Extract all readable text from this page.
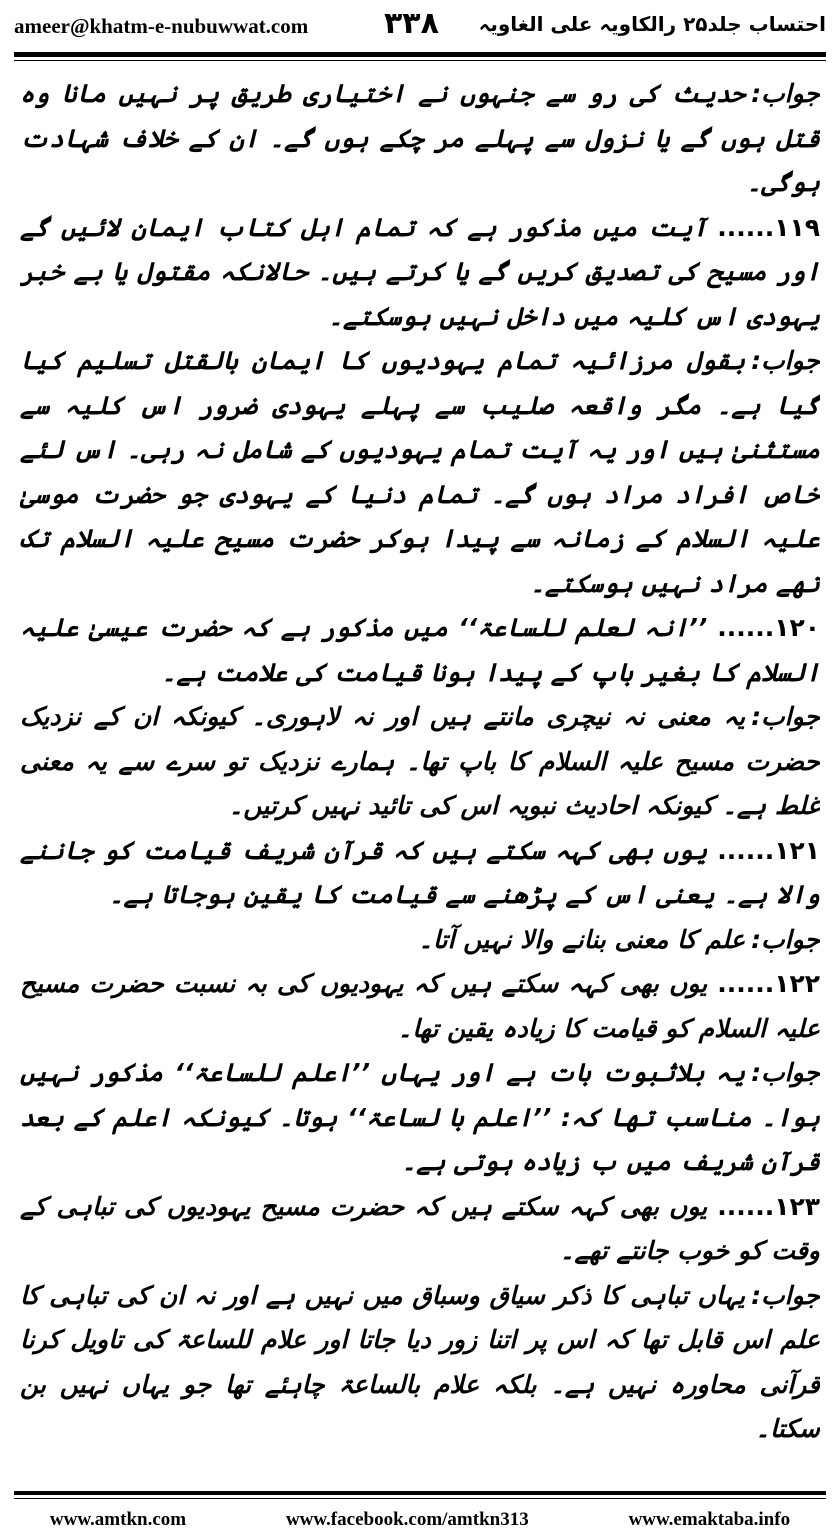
ameer@khatm-e-nubuwwat.com	۳۳۸ احتساب جلد۲۵ رالکاویہ علی الغاویہ

جواب:حدیث کی رو سے جنہوں نے اختیاری طریق پر نہیں مانا وہ قتل ہوں گے یا نزول سے پہلے مر چکے ہوں گے۔ ان کے خلاف شہادت ہوگی۔

۱۱۹......آیت میں مذکور ہے کہ تمام اہل کتاب ایمان لائیں گے اور مسیح کی تصدیق کریں گے یا کرتے ہیں۔ حالانکہ مقتول یا بے خبر یہودی اس کلیہ میں داخل نہیں ہوسکتے۔

جواب:بقول مرزائیہ تمام یہودیوں کا ایمان بالقتل تسلیم کیا گیا ہے۔ مگر واقعہ صلیب سے پہلے یہودی ضرور اس کلیہ سے مستثنیٰ ہیں اور یہ آیت تمام یہودیوں کے شامل نہ رہی۔ اس لئے خاص افراد مراد ہوں گے۔ تمام دنیا کے یہودی جو حضرت موسیٰ علیہ السلام کے زمانہ سے پیدا ہوکر حضرت مسیح علیہ السلام تک تھے مراد نہیں ہوسکتے۔

۱۲۰......’’انہ لعلم للساعۃ‘‘ میں مذکور ہے کہ حضرت عیسیٰ علیہ السلام کا بغیر باپ کے پیدا ہونا قیامت کی علامت ہے۔

جواب:یہ معنی نہ نیچری مانتے ہیں اور نہ لاہوری۔ کیونکہ ان کے نزدیک حضرت مسیح علیہ السلام کا باپ تھا۔ ہمارے نزدیک تو سرے سے یہ معنی غلط ہے۔ کیونکہ احادیث نبویہ اس کی تائید نہیں کرتیں۔

۱۲۱......یوں بھی کہہ سکتے ہیں کہ قرآن شریف قیامت کو جاننے والا ہے۔ یعنی اس کے پڑھنے سے قیامت کا یقین ہوجاتا ہے۔

جواب:علم کا معنی بنانے والا نہیں آتا۔

۱۲۲......یوں بھی کہہ سکتے ہیں کہ یہودیوں کی بہ نسبت حضرت مسیح علیہ السلام کو قیامت کا زیادہ یقین تھا۔

جواب:یہ بلاثبوت بات ہے اور یہاں ’’اعلم للساعۃ‘‘ مذکور نہیں ہوا۔ مناسب تھا کہ: ’’اعلم با لساعۃ‘‘ ہوتا۔ کیونکہ اعلم کے بعد قرآن شریف میں ب زیادہ ہوتی ہے۔

۱۲۳......یوں بھی کہہ سکتے ہیں کہ حضرت مسیح یہودیوں کی تباہی کے وقت کو خوب جانتے تھے۔

جواب:یہاں تباہی کا ذکر سیاق وسباق میں نہیں ہے اور نہ ان کی تباہی کا علم اس قابل تھا کہ اس پر اتنا زور دیا جاتا اور علام للساعۃ کی تاویل کرنا قرآنی محاورہ نہیں ہے۔ بلکہ علام بالساعۃ چاہئے تھا جو یہاں نہیں بن سکتا۔

www.amtkn.com	www.facebook.com/amtkn313	www.emaktaba.info
